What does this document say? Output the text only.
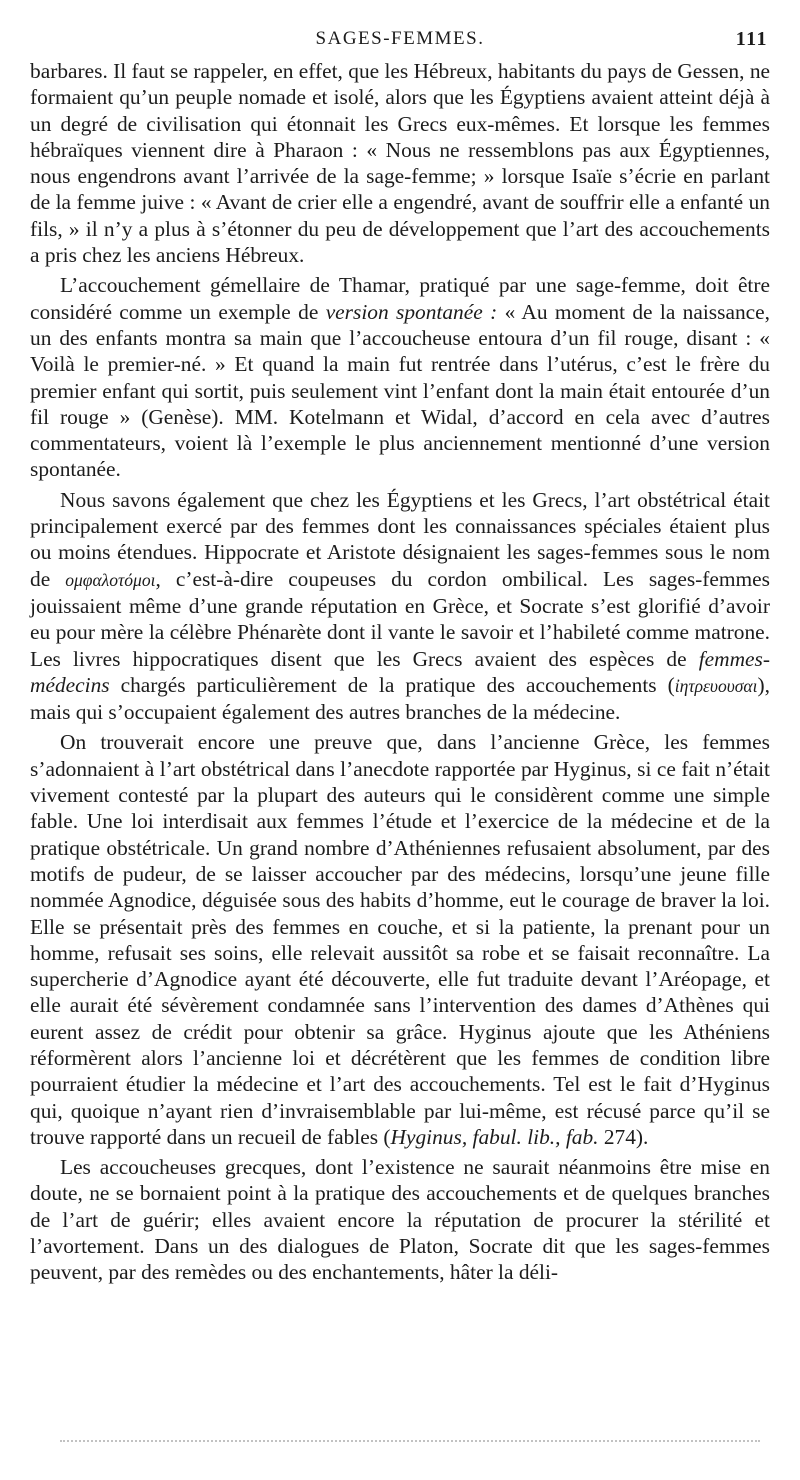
SAGES-FEMMES.	111

barbares. Il faut se rappeler, en effet, que les Hébreux, habitants du pays de Gessen, ne formaient qu’un peuple nomade et isolé, alors que les Égyptiens avaient atteint déjà à un degré de civilisation qui étonnait les Grecs eux-mêmes. Et lorsque les femmes hébraïques viennent dire à Pharaon : « Nous ne ressemblons pas aux Égyptiennes, nous engendrons avant l’arrivée de la sage-femme; » lorsque Isaïe s’écrie en parlant de la femme juive : « Avant de crier elle a engendré, avant de souffrir elle a enfanté un fils, » il n’y a plus à s’étonner du peu de développement que l’art des accouchements a pris chez les anciens Hébreux.

L’accouchement gémellaire de Thamar, pratiqué par une sage-femme, doit être considéré comme un exemple de version spontanée : « Au moment de la naissance, un des enfants montra sa main que l’accoucheuse entoura d’un fil rouge, disant : « Voilà le premier-né. » Et quand la main fut rentrée dans l’utérus, c’est le frère du premier enfant qui sortit, puis seulement vint l’enfant dont la main était entourée d’un fil rouge » (Genèse). MM. Kotelmann et Widal, d’accord en cela avec d’autres commentateurs, voient là l’exemple le plus anciennement mentionné d’une version spontanée.

Nous savons également que chez les Égyptiens et les Grecs, l’art obstétrical était principalement exercé par des femmes dont les connaissances spéciales étaient plus ou moins étendues. Hippocrate et Aristote désignaient les sages-femmes sous le nom de ομφαλοτόμοι, c’est-à-dire coupeuses du cordon ombilical. Les sages-femmes jouissaient même d’une grande réputation en Grèce, et Socrate s’est glorifié d’avoir eu pour mère la célèbre Phénarète dont il vante le savoir et l’habileté comme matrone. Les livres hippocratiques disent que les Grecs avaient des espèces de femmes-médecins chargés particulièrement de la pratique des accouchements (ἰητρευουσαι), mais qui s’occupaient également des autres branches de la médecine.

On trouverait encore une preuve que, dans l’ancienne Grèce, les femmes s’adonnaient à l’art obstétrical dans l’anecdote rapportée par Hyginus, si ce fait n’était vivement contesté par la plupart des auteurs qui le considèrent comme une simple fable. Une loi interdisait aux femmes l’étude et l’exercice de la médecine et de la pratique obstétricale. Un grand nombre d’Athéniennes refusaient absolument, par des motifs de pudeur, de se laisser accoucher par des médecins, lorsqu’une jeune fille nommée Agnodice, déguisée sous des habits d’homme, eut le courage de braver la loi. Elle se présentait près des femmes en couche, et si la patiente, la prenant pour un homme, refusait ses soins, elle relevait aussitôt sa robe et se faisait reconnaître. La supercherie d’Agnodice ayant été découverte, elle fut traduite devant l’Aréopage, et elle aurait été sévèrement condamnée sans l’intervention des dames d’Athènes qui eurent assez de crédit pour obtenir sa grâce. Hyginus ajoute que les Athéniens réformèrent alors l’ancienne loi et décrétèrent que les femmes de condition libre pourraient étudier la médecine et l’art des accouchements. Tel est le fait d’Hyginus qui, quoique n’ayant rien d’invraisemblable par lui-même, est récusé parce qu’il se trouve rapporté dans un recueil de fables (Hyginus, fabul. lib., fab. 274).

Les accoucheuses grecques, dont l’existence ne saurait néanmoins être mise en doute, ne se bornaient point à la pratique des accouchements et de quelques branches de l’art de guérir; elles avaient encore la réputation de procurer la stérilité et l’avortement. Dans un des dialogues de Platon, Socrate dit que les sages-femmes peuvent, par des remèdes ou des enchantements, hâter la déli-
